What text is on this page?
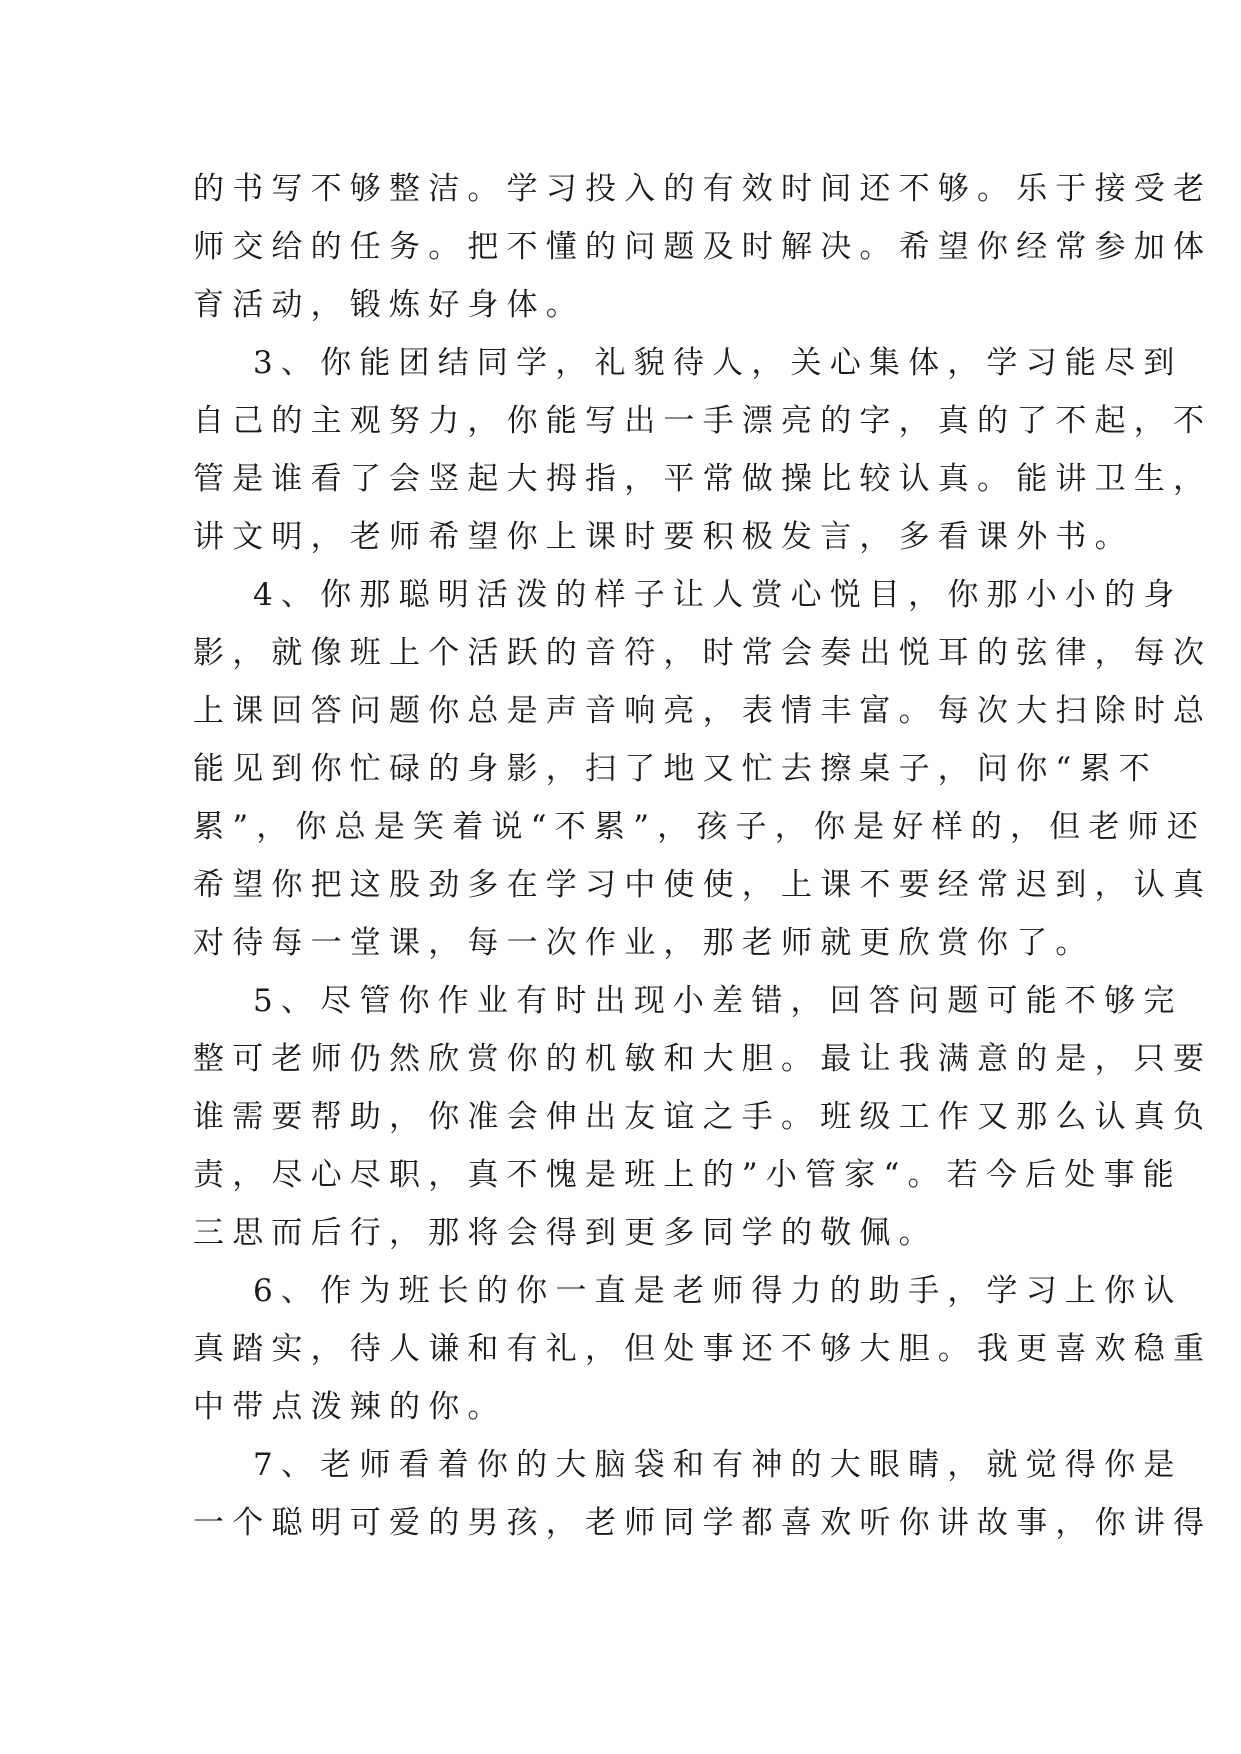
的书写不够整洁。学习投入的有效时间还不够。乐于接受老
师交给的任务。把不懂的问题及时解决。希望你经常参加体
育活动，锻炼好身体。
3、你能团结同学，礼貌待人，关心集体，学习能尽到
自己的主观努力，你能写出一手漂亮的字，真的了不起，不
管是谁看了会竖起大拇指，平常做操比较认真。能讲卫生，
讲文明，老师希望你上课时要积极发言，多看课外书。
4、你那聪明活泼的样子让人赏心悦目，你那小小的身
影，就像班上个活跃的音符，时常会奏出悦耳的弦律，每次
上课回答问题你总是声音响亮，表情丰富。每次大扫除时总
能见到你忙碌的身影，扫了地又忙去擦桌子，问你“累不
累”，你总是笑着说“不累”，孩子，你是好样的，但老师还
希望你把这股劲多在学习中使使，上课不要经常迟到，认真
对待每一堂课，每一次作业，那老师就更欣赏你了。
5、尽管你作业有时出现小差错，回答问题可能不够完
整可老师仍然欣赏你的机敏和大胆。最让我满意的是，只要
谁需要帮助，你准会伸出友谊之手。班级工作又那么认真负
责，尽心尽职，真不愧是班上的”小管家“。若今后处事能
三思而后行，那将会得到更多同学的敬佩。
6、作为班长的你一直是老师得力的助手，学习上你认
真踏实，待人谦和有礼，但处事还不够大胆。我更喜欢稳重
中带点泼辣的你。
7、老师看着你的大脑袋和有神的大眼睛，就觉得你是
一个聪明可爱的男孩，老师同学都喜欢听你讲故事，你讲得
